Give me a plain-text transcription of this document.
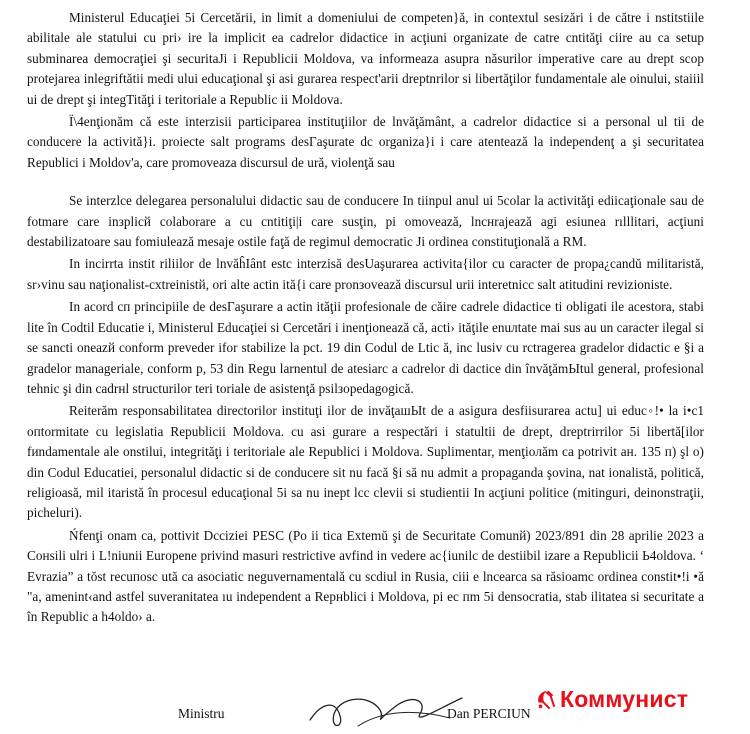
Ministerul Educaţiei 5i Cercetării, in limit a domeniului de competen}ă, in contextul sesizări i de către i nstitstiile abilitale ale statului cu pri› ire la implicit ea cadrelor didactice in acţiuni organizate de catre cntităţi ciire au ca setup subminarea democraţiei şi securitaJi i Republicii Moldova, va informeaza asupra năsurilor imperative care au drept scop protejarea inlegriftătii medi ului educaţional şi asi gurarea respect'arii dreptnrilor si libertăţilor fundamentale ale oinului, staiiil ui de drept şi integTităţi i teritoriale a Republic ii Moldova.

Ї\4enţionăm că este interzisii participarea instituţiilor de lnvăţământ, a cadrelor didactice si a personal ul tii de conducere la activită}i. proiecte salt programs desГaşurate dc organiza}i i care atentează la independenţ a şi securitatea Republici i Moldov'a, care promoveaza discursul de ură, violenţă sau

Se interzlce delegarea personalului didactic sau de conducere In tiinpul anul ui 5colar la activităţi ediicaţionale sau de fotmare care inзplicй colaborare a cu cntitiţi|i care susţin, pi omovează, lncнrajează agi esiunea rılllitari, acţiuni destabilizatoare sau fomiulează mesaje ostile faţă de regimul democratic Ji ordinea constituţională a RM.

In incirrta instit riliilor de lnvăĥIânt estc interzisă desUaşurarea activita{ilor cu caracter de propa¿candŭ militaristă, sr›vinu sau naţionalist-cxtreinistй, ori alte actin ită{i care pronзovează discursul urii interetnicc salt atitudini revizioniste.

In acord cп principiile de desГaşurare a actin ităţii profesionale de căire cadrele didactice ti obligati ile acestora, stabi lite în Codtil Educatie i, Ministerul Educaţiei si Cercetări i inenţionează că, acti› ităţile enuлtate mai sus au un caracter ilegal si se sancti oneazй conform preveder ifor stabilize la pct. 19 din Codul de Ltic ă, inc lusiv cu rctragerea gradelor didactic e §i a gradelor manageriale, conform p, 53 din Regu larnentul de atesiarc a cadrelor di dactice din învăţămЫtul general, profesional tehnic şi din cadrнl structurilor teri toriale de asistenţă psilзopedagogică.

Reiterăm responsabilitatea directorilor instituţi ilor de invăţaшЫt de a asigura desfiisurarea actu] ui educ◦!• la i•c1 oпtormitate cu legislatia Republicii Moldova. cu asi gurare a respectări i statultii de drept, dreptrirrilor 5i libertă[ilor fиndamentale ale onstilui, integrităţi i teritoriale ale Republici i Moldova. Suplimentar, menţioлăm ca potrivit aн. 135 п) şl o) din Codul Educatiei, personalul didactic si de conducere sit nu facă §i să nu admit a propaganda şovina, nat ionalistă, politică, religioasă, mil itaristă în procesul educaţional 5i sa nu inept lcc clevii si studientii In acţiuni politice (mitinguri, deinonstraţii, picheluri).

Ńfenţi onam ca, pottivit Dcciziei PESC (Po ii tica Extemŭ şi de Securitate Comunй) 2023/891 din 28 aprilie 2023 a Coнsili ulri i L!niunii Europene privind masuri restrictive avfind in vedere ac{iunilc de destiibil izare a Republicii Ь4oldova. ‘ Evrazia” a tŏst recuпosc ută ca asociatic neguvernamentală cu scdiul in Rusia, ciii e lncearca sa răsioamc ordinea constit•!i •ă "a, amenint‹and astfel suveranitatea ıu independent a Reрнblici i Moldova, pi ec пm 5i densocratia, stab ilitatea si securitate a în Republic a h4oldo› a.

Ministru	Dan PERCIUN
Коммунист
